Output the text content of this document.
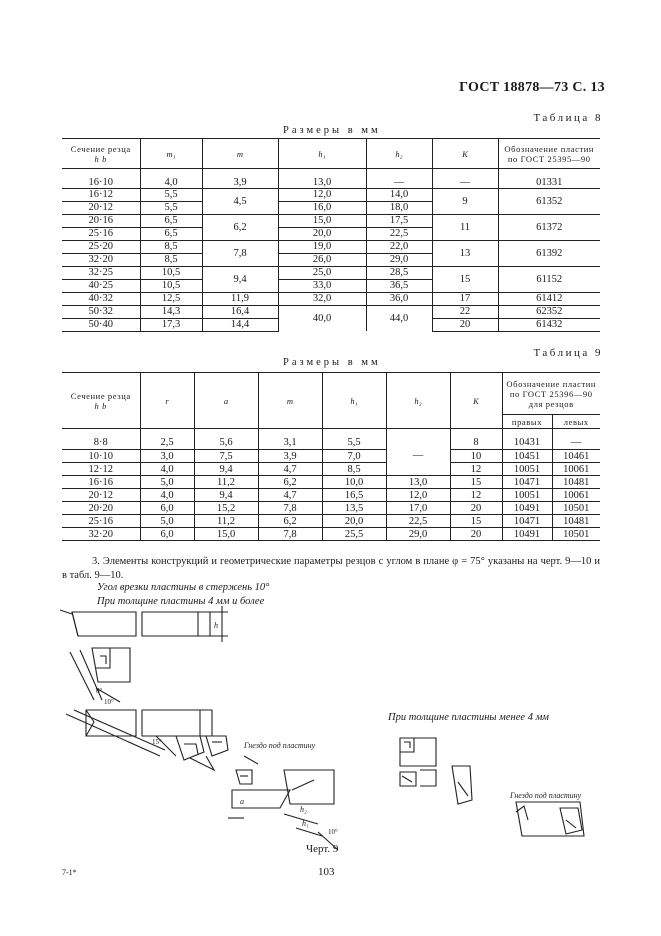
ГОСТ 18878—73 С. 13
Таблица 8
Размеры в мм
Сечение резца
h b	m₁	m	h₁	h₂	K	Обозначение пластин по ГОСТ 25395—90

16·10	4,0	3,9	13,0	—	—	01331
16·12	5,5	4,5	12,0	14,0	9	61352
20·12	5,5		16,0	18,0		
20·16	6,5	6,2	15,0	17,5	11	61372
25·16	6,5		20,0	22,5		
25·20	8,5	7,8	19,0	22,0	13	61392
32·20	8,5		26,0	29,0		
32·25	10,5	9,4	25,0	28,5	15	61152
40·25	10,5		33,0	36,5		
40·32	12,5	11,9	32,0	36,0	17	61412
50·32	14,3	16,4	40,0	44,0	22	62352
50·40	17,3	14,4			20	61432
Размеры в мм
Таблица 9
Сечение резца
h b	r	a	m	h₁	h₂	K	Обозначение пластин по ГОСТ 25396—90 для резцов	
							правых	левых

8·8	2,5	5,6	3,1	5,5	—	8	10431	—
10·10	3,0	7,5	3,9	7,0		10	10451	10461
12·12	4,0	9,4	4,7	8,5		12	10051	10061
16·16	5,0	11,2	6,2	10,0	13,0	15	10471	10481
20·12	4,0	9,4	4,7	16,5	12,0	12	10051	10061
20·20	6,0	15,2	7,8	13,5	17,0	20	10491	10501
25·16	5,0	11,2	6,2	20,0	22,5	15	10471	10481
32·20	6,0	15,0	7,8	25,5	29,0	20	10491	10501
3. Элементы конструкций и геометрические параметры резцов с углом в плане φ = 75° указаны на черт. 9—10 и в табл. 9—10.
Угол врезки пластины в стержень 10°
При толщине пластины 4 мм и более
При толщине пластины менее 4 мм
h
6°
10°
15°	Гнездо под пластину
a
h₂
h₁
10°
Гнездо под пластину
Черт. 9
103
7-1*
